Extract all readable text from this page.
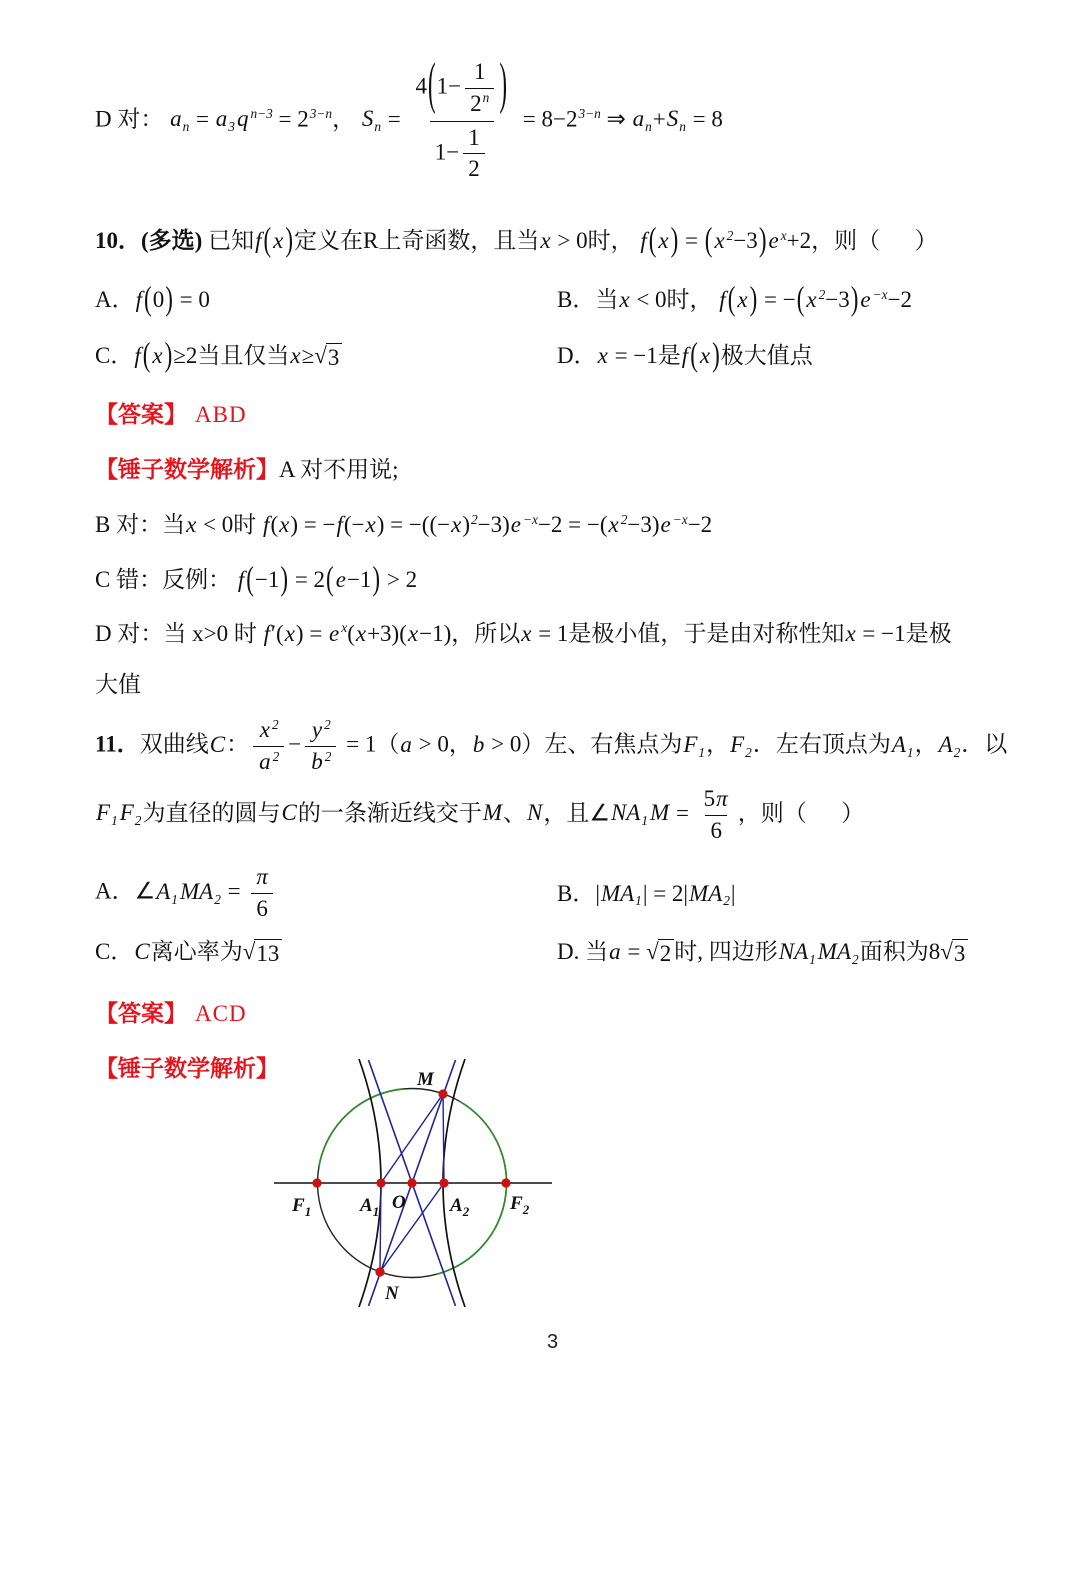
D 对： $a_n = a_3q$ $^{n-3} = 2^{3-n}$， $S_n = \frac{4(1- \frac{1}{2^n} )}{1- \frac{1}{2}} = 8-2^{3-n}$ ⇒ $a_n+S_n = 8$
10．(多选) 已知f(x)定义在R上奇函数，且当x > 0时， f(x) = (x $^2$−3)e $^x$+2，则（      ）
A．f(0) = 0	B．当x < 0时， f(x) = −(x $^2$−3)e $^{-x}$−2
C．f(x)≥2当且仅当x≥ √ 3	D．x = −1是f(x)极大值点
【答案】 ABD
【锤子数学解析】A 对不用说;
B 对：当x < 0时 $f(x) = -f(-x) = -((-x)^2-3)e$ $^{-x}$−2 = −(x $^2$−3)e $^{-x}$−2
C 错：反例： f(−1) = 2(e−1) > 2
D 对：当 x>0 时 f′(x) = e $^x$(x+3)(x−1)，所以x = 1是极小值，于是由对称性知x = −1是极
大值
11．双曲线C： $\frac{x ^2}{a ^2} - \frac{y ^2}{b ^2} = 1(a > 0$，b > 0）左、右焦点为$F_1$，$F_2$．左右顶点为$A_1$，$A_2$．以
$F_1F_2$为直径的圆与C的一条渐近线交于M、N，且$\angle NA_1M = \frac{5\pi}{6}$ ，则（      ）
A．$\angle A_1MA_2 = \frac{\pi}{6}$	B．$|MA_1| = 2|MA_2|$
C．C离心率为 √ 13	D. 当a = √ 2 时, 四边形$NA_1MA_2$面积为8 √ 3
【答案】 ACD
【锤子数学解析】
$F_1$	$A_1$ O $A_2$ $F_2$
M
N
3
